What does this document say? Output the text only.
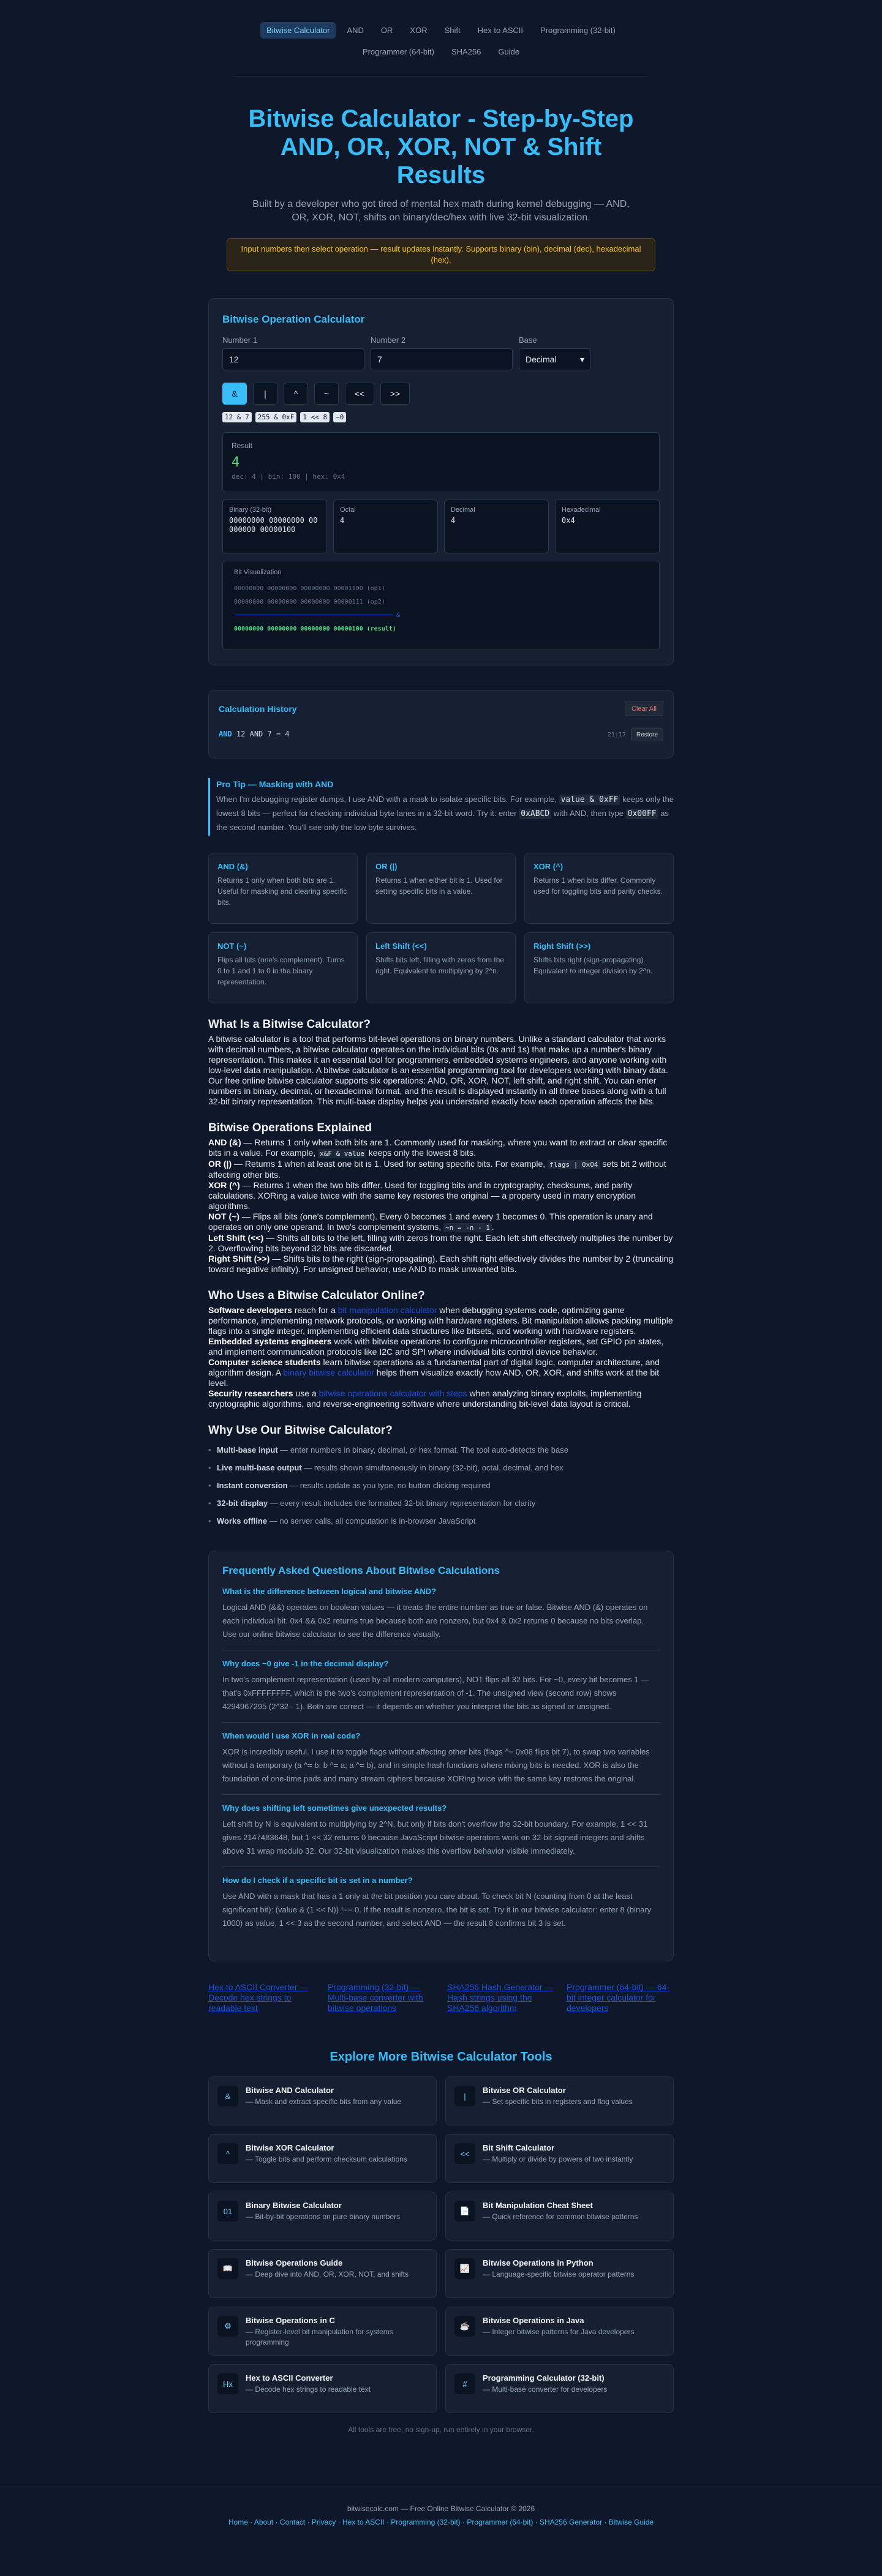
Bitwise Calculator	AND	OR	XOR	Shift	Hex to ASCII	Programming (32-bit)
Programmer (64-bit)	SHA256	Guide
Bitwise Calculator - Step-by-Step AND, OR, XOR, NOT & Shift Results

Built by a developer who got tired of mental hex math during kernel debugging — AND, OR, XOR, NOT, shifts on binary/dec/hex with live 32-bit visualization.

Input numbers then select operation — result updates instantly. Supports binary (bin), decimal (dec), hexadecimal (hex).
Bitwise Operation Calculator
Number 1
12
Number 2
7
Base
Decimal	▾
&	|	^	~	<<	>>
12 & 7	255 & 0xF	1 << 8	~0
Result
4
dec: 4 | bin: 100 | hex: 0x4
Binary (32-bit)
00000000 00000000 00000000 00000100
Octal
4
Decimal
4
Hexadecimal
0x4
Bit Visualization
00000000 00000000 00000000 00001100 (op1)
00000000 00000000 00000000 00000111 (op2)
─────────────────────────────────────────── &
00000000 00000000 00000000 00000100 (result)
Calculation History	Clear All
AND 12 AND 7 = 4	21:17 Restore
Pro Tip — Masking with AND

When I'm debugging register dumps, I use AND with a mask to isolate specific bits. For example, value & 0xFF keeps only the lowest 8 bits — perfect for checking individual byte lanes in a 32-bit word. Try it: enter 0xABCD with AND, then type 0x00FF as the second number. You'll see only the low byte survives.

AND (&)

Returns 1 only when both bits are 1. Useful for masking and clearing specific bits.

OR (|)

Returns 1 when either bit is 1. Used for setting specific bits in a value.

XOR (^)

Returns 1 when bits differ. Commonly used for toggling bits and parity checks.

NOT (~)

Flips all bits (one's complement). Turns 0 to 1 and 1 to 0 in the binary representation.

Left Shift (<<)

Shifts bits left, filling with zeros from the right. Equivalent to multiplying by 2^n.

Right Shift (>>)

Shifts bits right (sign-propagating). Equivalent to integer division by 2^n.

What Is a Bitwise Calculator?

A bitwise calculator is a tool that performs bit-level operations on binary numbers. Unlike a standard calculator that works with decimal numbers, a bitwise calculator operates on the individual bits (0s and 1s) that make up a number's binary representation. This makes it an essential tool for programmers, embedded systems engineers, and anyone working with low-level data manipulation. A bitwise calculator is an essential programming tool for developers working with binary data.

Our free online bitwise calculator supports six operations: AND, OR, XOR, NOT, left shift, and right shift. You can enter numbers in binary, decimal, or hexadecimal format, and the result is displayed instantly in all three bases along with a full 32-bit binary representation. This multi-base display helps you understand exactly how each operation affects the bits.

Bitwise Operations Explained

AND (&) — Returns 1 only when both bits are 1. Commonly used for masking, where you want to extract or clear specific bits in a value. For example, x&F & value keeps only the lowest 8 bits.

OR (|) — Returns 1 when at least one bit is 1. Used for setting specific bits. For example, flags | 0x04 sets bit 2 without affecting other bits.

XOR (^) — Returns 1 when the two bits differ. Used for toggling bits and in cryptography, checksums, and parity calculations. XORing a value twice with the same key restores the original — a property used in many encryption algorithms.

NOT (~) — Flips all bits (one's complement). Every 0 becomes 1 and every 1 becomes 0. This operation is unary and operates on only one operand. In two's complement systems, ~n = -n - 1 .

Left Shift (<<) — Shifts all bits to the left, filling with zeros from the right. Each left shift effectively multiplies the number by 2. Overflowing bits beyond 32 bits are discarded.

Right Shift (>>) — Shifts bits to the right (sign-propagating). Each shift right effectively divides the number by 2 (truncating toward negative infinity). For unsigned behavior, use AND to mask unwanted bits.

Who Uses a Bitwise Calculator Online?

Software developers reach for a bit manipulation calculator when debugging systems code, optimizing game performance, implementing network protocols, or working with hardware registers. Bit manipulation allows packing multiple flags into a single integer, implementing efficient data structures like bitsets, and working with hardware registers.

Embedded systems engineers work with bitwise operations to configure microcontroller registers, set GPIO pin states, and implement communication protocols like I2C and SPI where individual bits control device behavior.

Computer science students learn bitwise operations as a fundamental part of digital logic, computer architecture, and algorithm design. A binary bitwise calculator helps them visualize exactly how AND, OR, XOR, and shifts work at the bit level.

Security researchers use a bitwise operations calculator with steps when analyzing binary exploits, implementing cryptographic algorithms, and reverse-engineering software where understanding bit-level data layout is critical.

Why Use Our Bitwise Calculator?
• Multi-base input — enter numbers in binary, decimal, or hex format. The tool auto-detects the base
• Live multi-base output — results shown simultaneously in binary (32-bit), octal, decimal, and hex
• Instant conversion — results update as you type, no button clicking required
• 32-bit display — every result includes the formatted 32-bit binary representation for clarity
• Works offline — no server calls, all computation is in-browser JavaScript
Frequently Asked Questions About Bitwise Calculations
What is the difference between logical and bitwise AND?

Logical AND (&&) operates on boolean values — it treats the entire number as true or false. Bitwise AND (&) operates on each individual bit. 0x4 && 0x2 returns true because both are nonzero, but 0x4 & 0x2 returns 0 because no bits overlap. Use our online bitwise calculator to see the difference visually.

Why does ~0 give -1 in the decimal display?

In two's complement representation (used by all modern computers), NOT flips all 32 bits. For ~0, every bit becomes 1 — that's 0xFFFFFFFF, which is the two's complement representation of -1. The unsigned view (second row) shows 4294967295 (2^32 - 1). Both are correct — it depends on whether you interpret the bits as signed or unsigned.

When would I use XOR in real code?

XOR is incredibly useful. I use it to toggle flags without affecting other bits (flags ^= 0x08 flips bit 7), to swap two variables without a temporary (a ^= b; b ^= a; a ^= b), and in simple hash functions where mixing bits is needed. XOR is also the foundation of one-time pads and many stream ciphers because XORing twice with the same key restores the original.

Why does shifting left sometimes give unexpected results?

Left shift by N is equivalent to multiplying by 2^N, but only if bits don't overflow the 32-bit boundary. For example, 1 << 31 gives 2147483648, but 1 << 32 returns 0 because JavaScript bitwise operators work on 32-bit signed integers and shifts above 31 wrap modulo 32. Our 32-bit visualization makes this overflow behavior visible immediately.

How do I check if a specific bit is set in a number?

Use AND with a mask that has a 1 only at the bit position you care about. To check bit N (counting from 0 at the least significant bit): (value & (1 << N)) !== 0. If the result is nonzero, the bit is set. Try it in our bitwise calculator: enter 8 (binary 1000) as value, 1 << 3 as the second number, and select AND — the result 8 confirms bit 3 is set.

Hex to ASCII Converter — Decode hex strings to readable text
Programming (32-bit) — Multi-base converter with bitwise operations
SHA256 Hash Generator — Hash strings using the SHA256 algorithm
Programmer (64-bit) — 64-bit integer calculator for developers
Explore More Bitwise Calculator Tools
&
Bitwise AND Calculator
— Mask and extract specific bits from any value
|
Bitwise OR Calculator
— Set specific bits in registers and flag values
^
Bitwise XOR Calculator
— Toggle bits and perform checksum calculations
<<
Bit Shift Calculator
— Multiply or divide by powers of two instantly
01
Binary Bitwise Calculator
— Bit-by-bit operations on pure binary numbers
📄
Bit Manipulation Cheat Sheet
— Quick reference for common bitwise patterns
📖
Bitwise Operations Guide
— Deep dive into AND, OR, XOR, NOT, and shifts
📈
Bitwise Operations in Python
— Language-specific bitwise operator patterns
⚙
Bitwise Operations in C
— Register-level bit manipulation for systems programming
☕
Bitwise Operations in Java
— Integer bitwise patterns for Java developers
Hx
Hex to ASCII Converter
— Decode hex strings to readable text
#
Programming Calculator (32-bit)
— Multi-base converter for developers

All tools are free, no sign-up, run entirely in your browser.

bitwisecalc.com — Free Online Bitwise Calculator © 2026
Home · About · Contact · Privacy · Hex to ASCII · Programming (32-bit) · Programmer (64-bit) · SHA256 Generator · Bitwise Guide
